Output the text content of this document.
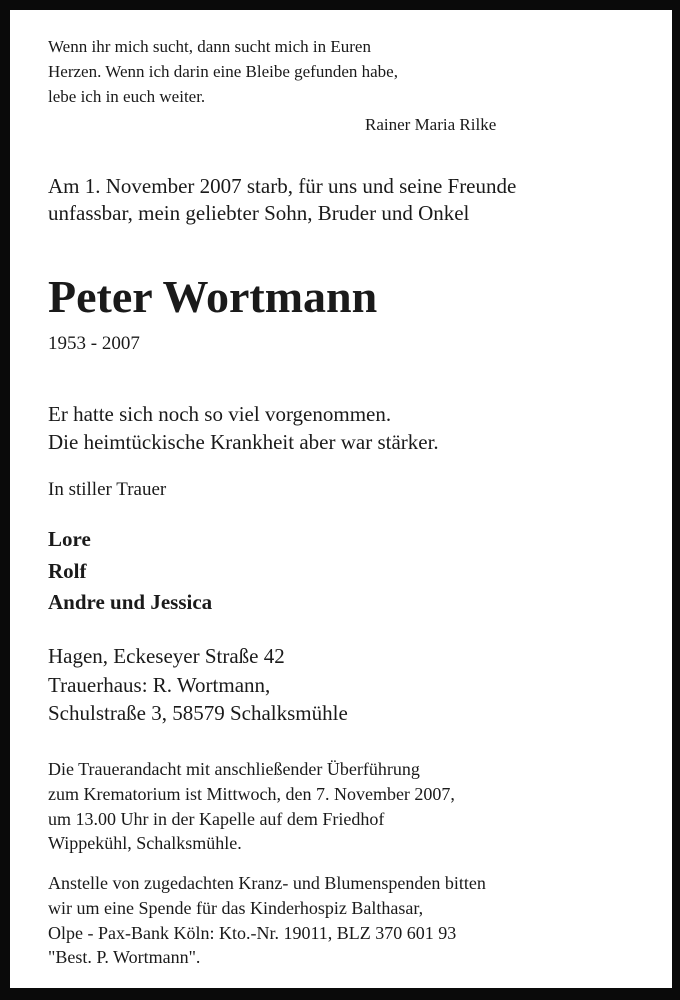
Wenn ihr mich sucht, dann sucht mich in Euren
Herzen. Wenn ich darin eine Bleibe gefunden habe,
lebe ich in euch weiter.
Rainer Maria Rilke
Am 1. November 2007 starb, für uns und seine Freunde
unfassbar, mein geliebter Sohn, Bruder und Onkel
Peter Wortmann
1953 - 2007
Er hatte sich noch so viel vorgenommen.
Die heimtückische Krankheit aber war stärker.
In stiller Trauer
Lore
Rolf
Andre und Jessica
Hagen, Eckeseyer Straße 42
Trauerhaus: R. Wortmann,
Schulstraße 3, 58579 Schalksmühle
Die Trauerandacht mit anschließender Überführung
zum Krematorium ist Mittwoch, den 7. November 2007,
um 13.00 Uhr in der Kapelle auf dem Friedhof
Wippekühl, Schalksmühle.
Anstelle von zugedachten Kranz- und Blumenspenden bitten
wir um eine Spende für das Kinderhospiz Balthasar,
Olpe - Pax-Bank Köln: Kto.-Nr. 19011, BLZ 370 601 93
"Best. P. Wortmann".
